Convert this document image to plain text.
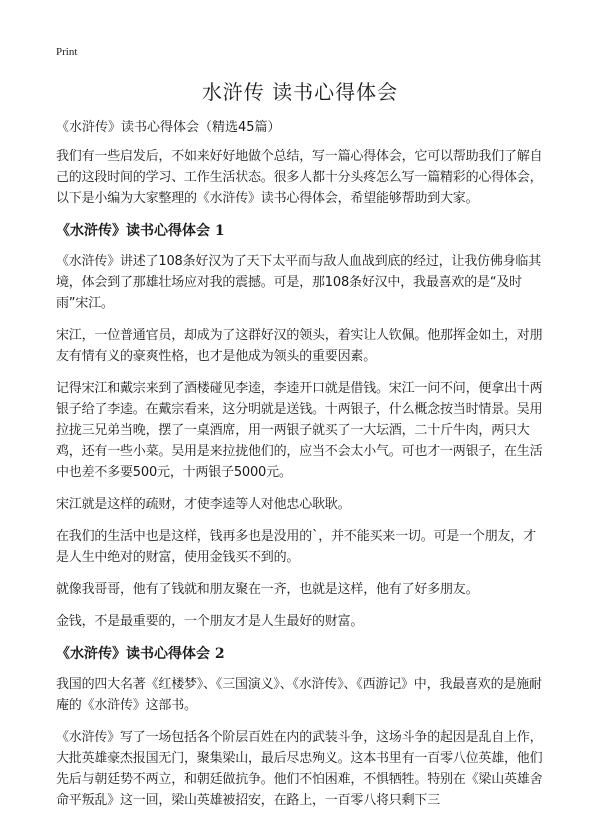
Print
水浒传 读书心得体会

《水浒传》读书心得体会（精选45篇）

我们有一些启发后，不如来好好地做个总结，写一篇心得体会，它可以帮助我们了解自己的这段时间的学习、工作生活状态。很多人都十分头疼怎么写一篇精彩的心得体会，以下是小编为大家整理的《水浒传》读书心得体会，希望能够帮助到大家。

《水浒传》读书心得体会 1

《水浒传》讲述了108条好汉为了天下太平而与敌人血战到底的经过，让我仿佛身临其境，体会到了那雄壮场应对我的震撼。可是，那108条好汉中，我最喜欢的是“及时雨”宋江。

宋江，一位普通官员，却成为了这群好汉的领头，着实让人钦佩。他那挥金如土，对朋友有情有义的豪爽性格，也才是他成为领头的重要因素。

记得宋江和戴宗来到了酒楼碰见李逵，李逵开口就是借钱。宋江一问不问，便拿出十两银子给了李逵。在戴宗看来，这分明就是送钱。十两银子，什么概念按当时情景。吴用拉拢三兄弟当晚，摆了一桌酒席，用一两银子就买了一大坛酒，二十斤牛肉，两只大鸡，还有一些小菜。吴用是来拉拢他们的，应当不会太小气。可也才一两银子，在生活中也差不多要500元，十两银子5000元。

宋江就是这样的疏财，才使李逵等人对他忠心耿耿。

在我们的生活中也是这样，钱再多也是没用的`，并不能买来一切。可是一个朋友，才是人生中绝对的财富，使用金钱买不到的。

就像我哥哥，他有了钱就和朋友聚在一齐，也就是这样，他有了好多朋友。

金钱，不是最重要的，一个朋友才是人生最好的财富。

《水浒传》读书心得体会 2

我国的四大名著《红楼梦》、《三国演义》、《水浒传》、《西游记》中，我最喜欢的是施耐庵的《水浒传》这部书。

《水浒传》写了一场包括各个阶层百姓在内的武装斗争，这场斗争的起因是乱自上作，大批英雄豪杰报国无门，聚集梁山，最后尽忠殉义。这本书里有一百零八位英雄，他们先后与朝廷势不两立，和朝廷做抗争。他们不怕困难，不惧牺牲。特别在《梁山英雄舍命平叛乱》这一回，梁山英雄被招安，在路上，一百零八将只剩下三
